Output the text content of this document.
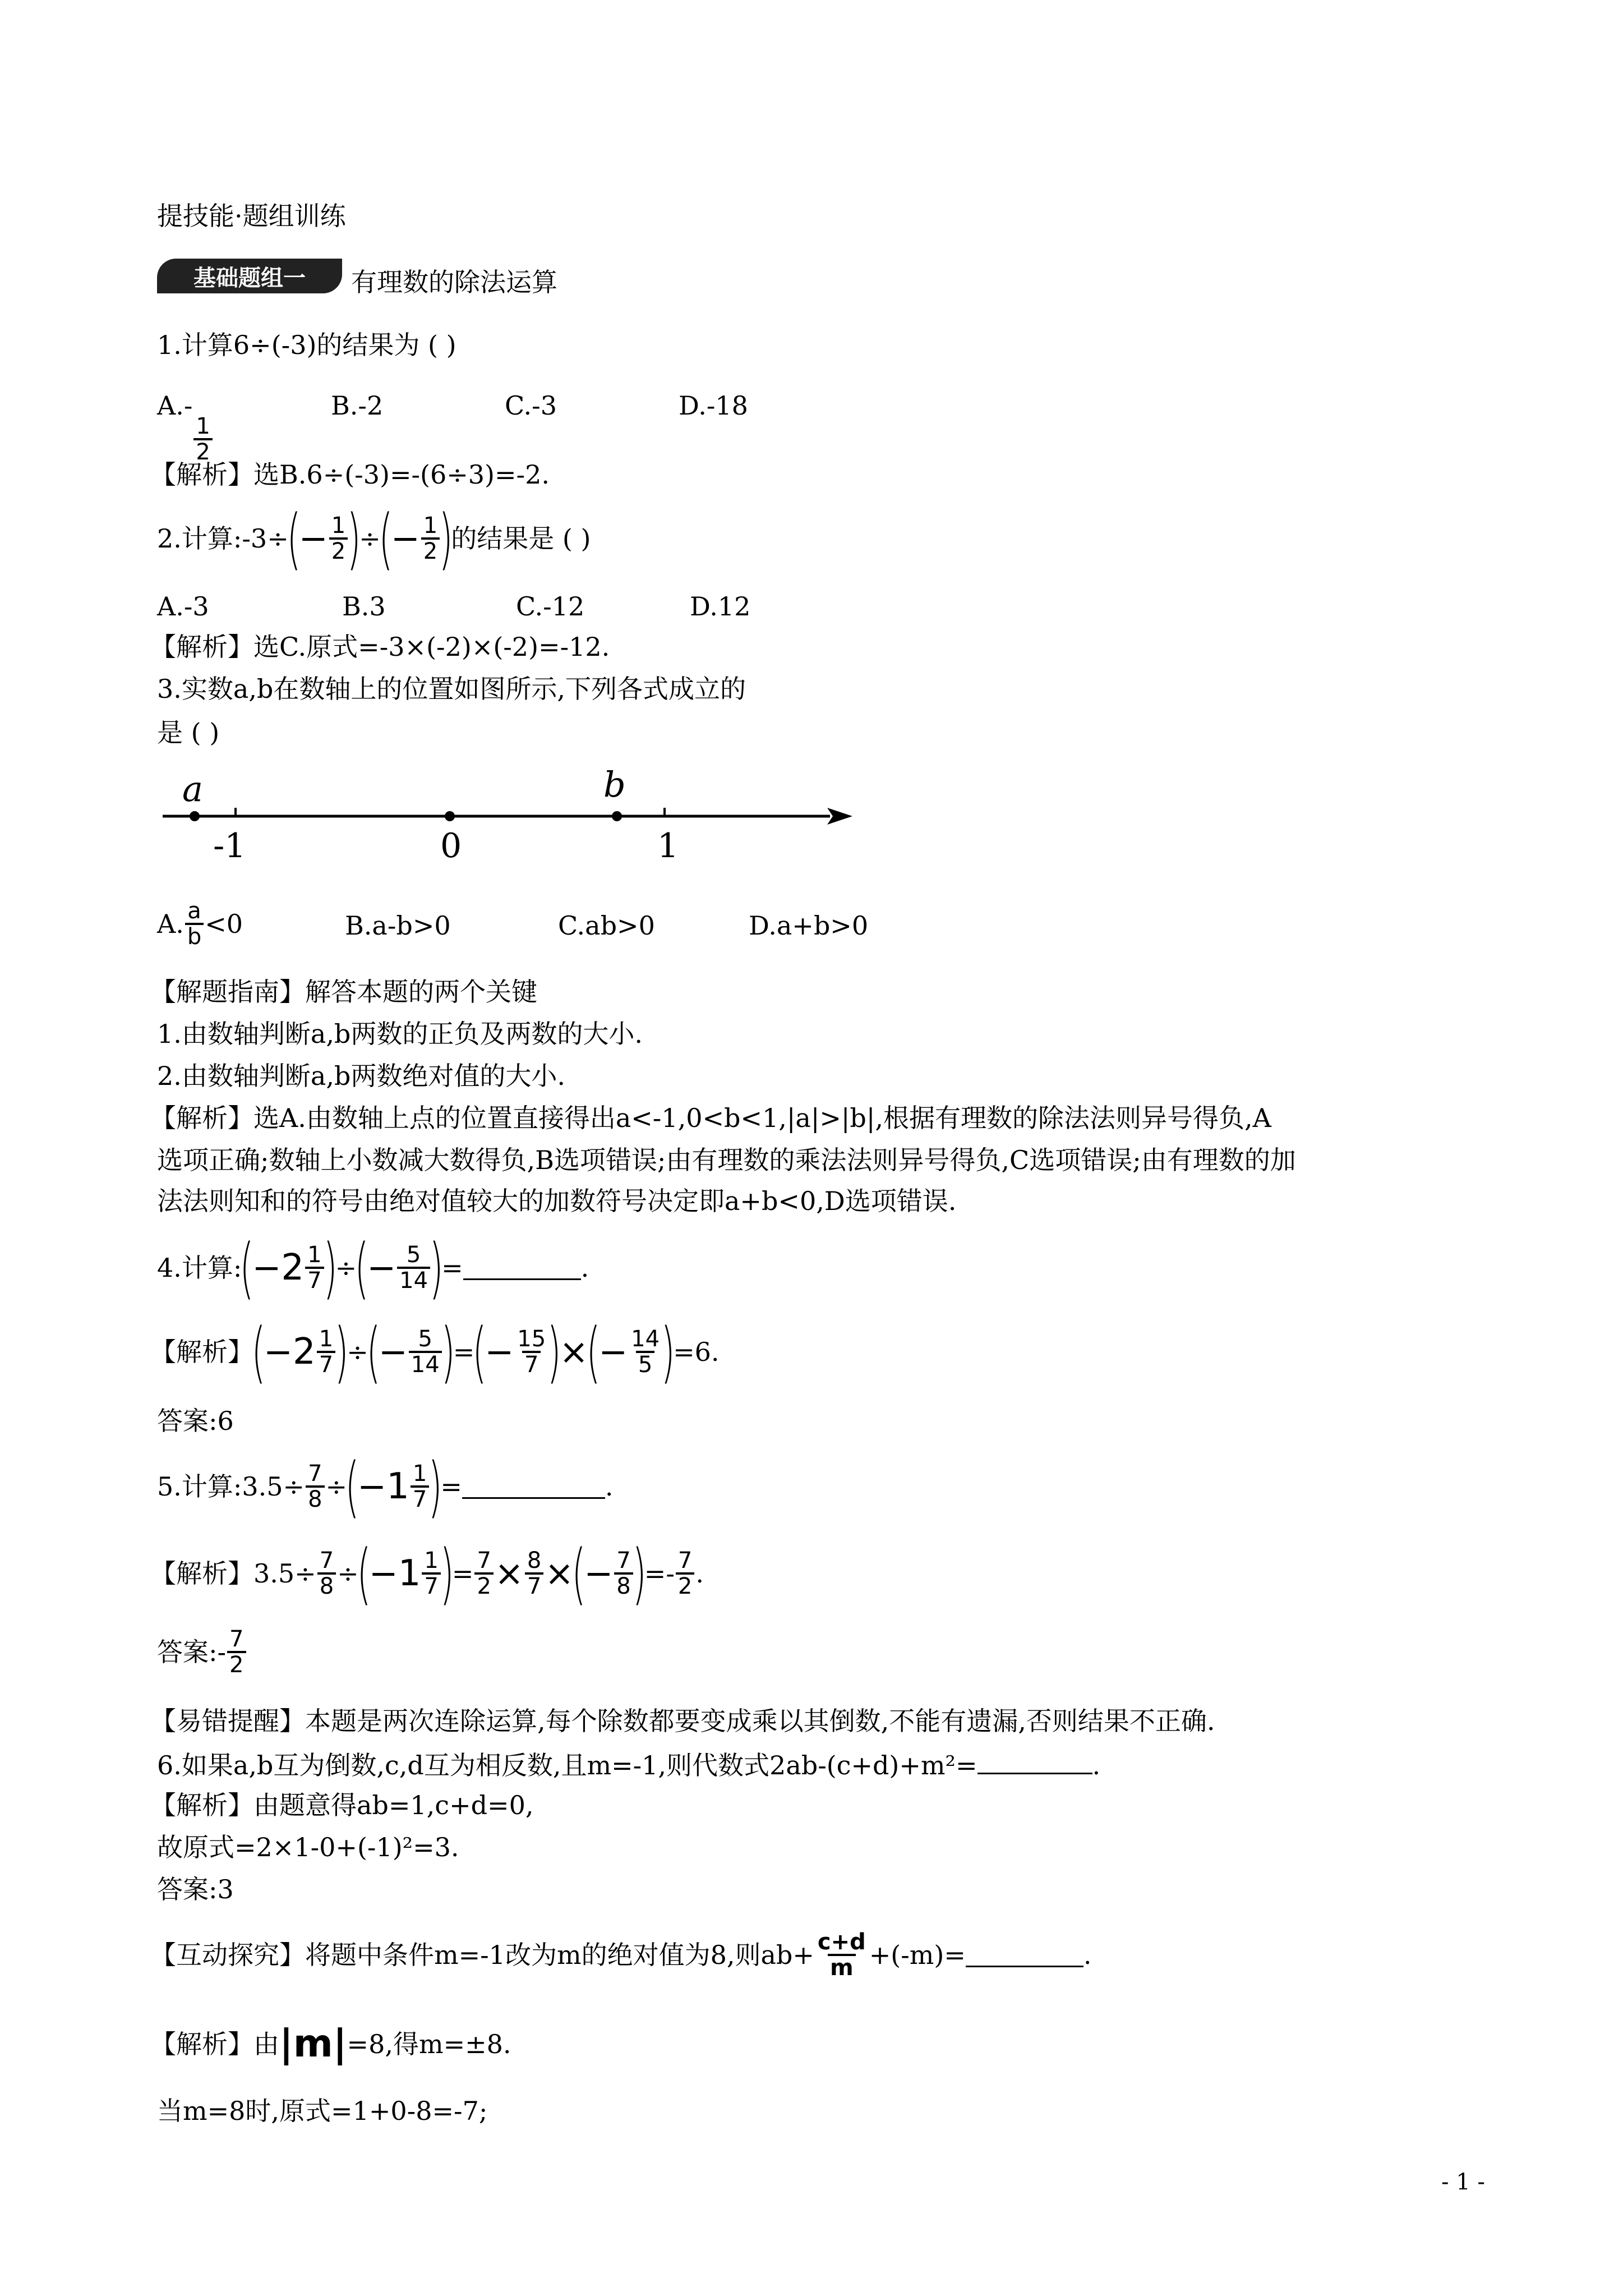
提技能·题组训练
基础题组一	有理数的除法运算
1.计算6÷(-3)的结果为 ( )
A.-
$\frac{1}{2}$
B.-2	C.-3	D.-18
【解析】选B.6÷(-3)=-(6÷3)=-2.
2.计算:-3÷
(
− $\frac{1}{2}$
)
÷
(
− $\frac{1}{2}$
)
的结果是 ( )
A.-3	B.3	C.-12	D.12
【解析】选C.原式=-3×(-2)×(-2)=-12.
3.实数a,b在数轴上的位置如图所示,下列各式成立的
是 ( )
a	b
-1	0	1
A. $\frac{a}{b} <0$	B.a-b>0	C.ab>0	D.a+b>0
【解题指南】解答本题的两个关键
1.由数轴判断a,b两数的正负及两数的大小.
2.由数轴判断a,b两数绝对值的大小.
【解析】选A.由数轴上点的位置直接得出a<-1,0<b<1,|a|>|b|,根据有理数的除法法则异号得负,A
选项正确;数轴上小数减大数得负,B选项错误;由有理数的乘法法则异号得负,C选项错误;由有理数的加
法法则知和的符号由绝对值较大的加数符号决定即a+b<0,D选项错误.
4.计算:
(
− $2 \frac{1}{7}$
)
÷
(
− $\frac{5}{14}$
)
=	.
【解析】
(
− $2 \frac{1}{7}$
)
÷
(
− $\frac{5}{14}$
)
=
(
− $\frac{15}{7}$
)
×
(
− $\frac{14}{5}$
)
=6.
答案:6
5.计算:3.5÷ $\frac{7}{8}$ ÷
(
− $1 \frac{1}{7}$
)
=	.
【解析】$3.5\div \frac{7}{8}$ ÷
(
− $1 \frac{1}{7}$
)
= $\frac{7}{2} \times \frac{8}{7}$ ×
(
− $\frac{7}{8}$
)
=- $\frac{7}{2}$ .
答案:- $\frac{7}{2}$
【易错提醒】本题是两次连除运算,每个除数都要变成乘以其倒数,不能有遗漏,否则结果不正确.
6.如果a,b互为倒数,c,d互为相反数,且m=-1,则代数式2ab-(c+d)+m²=	.
【解析】由题意得ab=1,c+d=0,
故原式=2×1-0+(-1)²=3.
答案:3
【互动探究】将题中条件m=-1改为m的绝对值为8,则$ab+ \frac{c+d}{m} +(-m)=$	.
【解析】由 |m| =8,得m=±8.
当m=8时,原式=1+0-8=-7;
- 1 -
